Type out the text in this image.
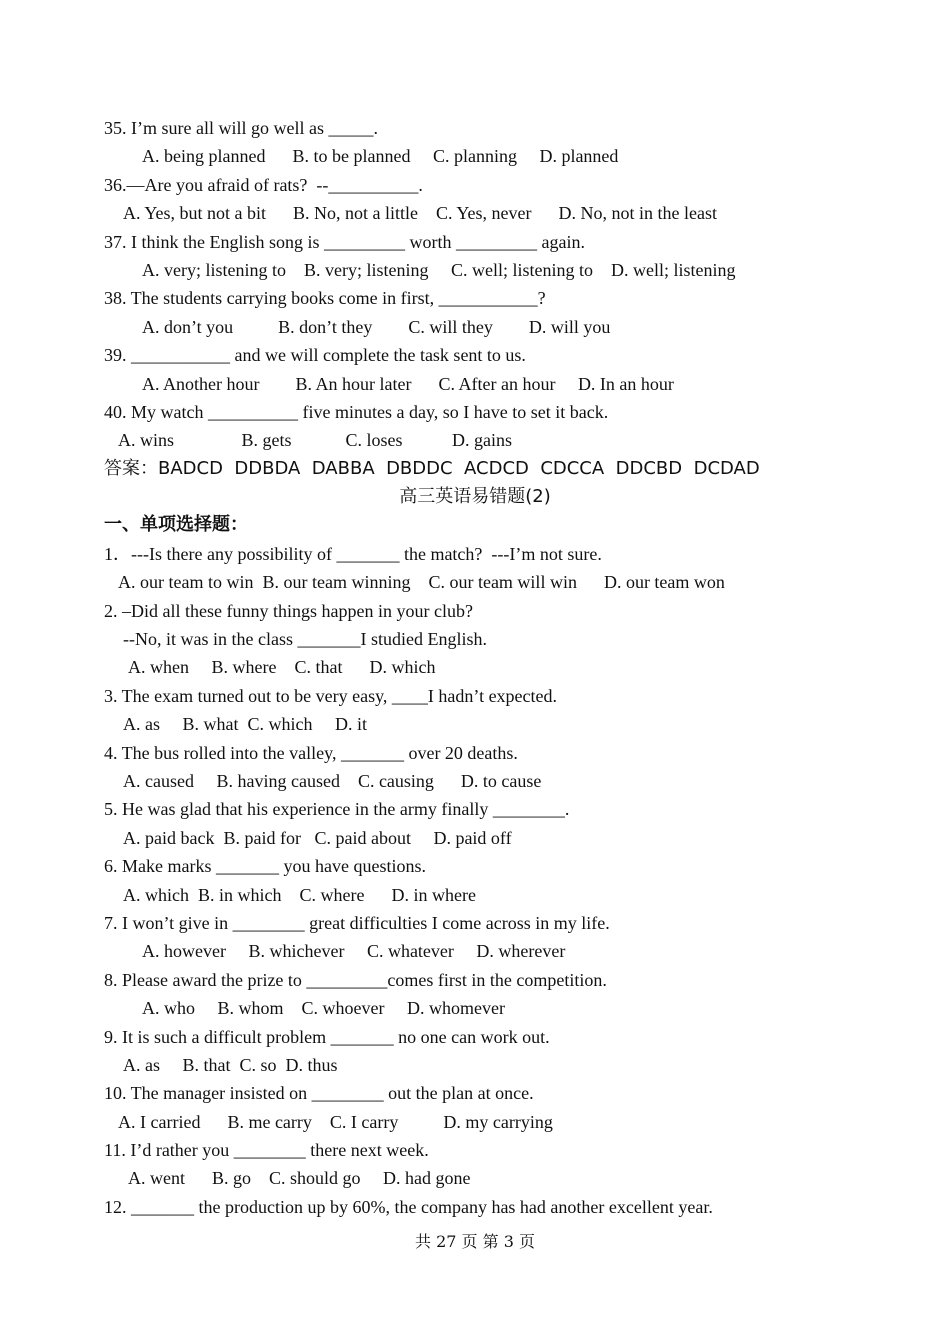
35. I’m sure all will go well as _____.
A. being planned      B. to be planned     C. planning     D. planned
36.—Are you afraid of rats?  --__________.
A. Yes, but not a bit      B. No, not a little    C. Yes, never      D. No, not in the least
37. I think the English song is _________ worth _________ again.
A. very; listening to    B. very; listening     C. well; listening to    D. well; listening
38. The students carrying books come in first, ___________?
A. don’t you          B. don’t they        C. will they        D. will you
39. ___________ and we will complete the task sent to us.
A. Another hour        B. An hour later      C. After an hour     D. In an hour
40. My watch __________ five minutes a day, so I have to set it back.
A. wins               B. gets            C. loses           D. gains
答案：BADCD  DDBDA  DABBA  DBDDC  ACDCD  CDCCA  DDCBD  DCDAD
高三英语易错题(2)
一、单项选择题：
1．---Is there any possibility of _______ the match?  ---I’m not sure.
A. our team to win  B. our team winning    C. our team will win      D. our team won
2. –Did all these funny things happen in your club?
--No, it was in the class _______I studied English.
A. when     B. where    C. that      D. which
3. The exam turned out to be very easy, ____I hadn’t expected.
A. as     B. what  C. which     D. it
4. The bus rolled into the valley, _______ over 20 deaths.
A. caused     B. having caused    C. causing      D. to cause
5. He was glad that his experience in the army finally ________.
A. paid back  B. paid for   C. paid about     D. paid off
6. Make marks _______ you have questions.
A. which  B. in which    C. where      D. in where
7. I won’t give in ________ great difficulties I come across in my life.
A. however     B. whichever     C. whatever     D. wherever
8. Please award the prize to _________comes first in the competition.
A. who     B. whom    C. whoever     D. whomever
9. It is such a difficult problem _______ no one can work out.
A. as     B. that  C. so  D. thus
10. The manager insisted on ________ out the plan at once.
A. I carried      B. me carry    C. I carry          D. my carrying
11. I’d rather you ________ there next week.
A. went      B. go    C. should go     D. had gone
12. _______ the production up by 60%, the company has had another excellent year.
共 27 页 第 3 页
